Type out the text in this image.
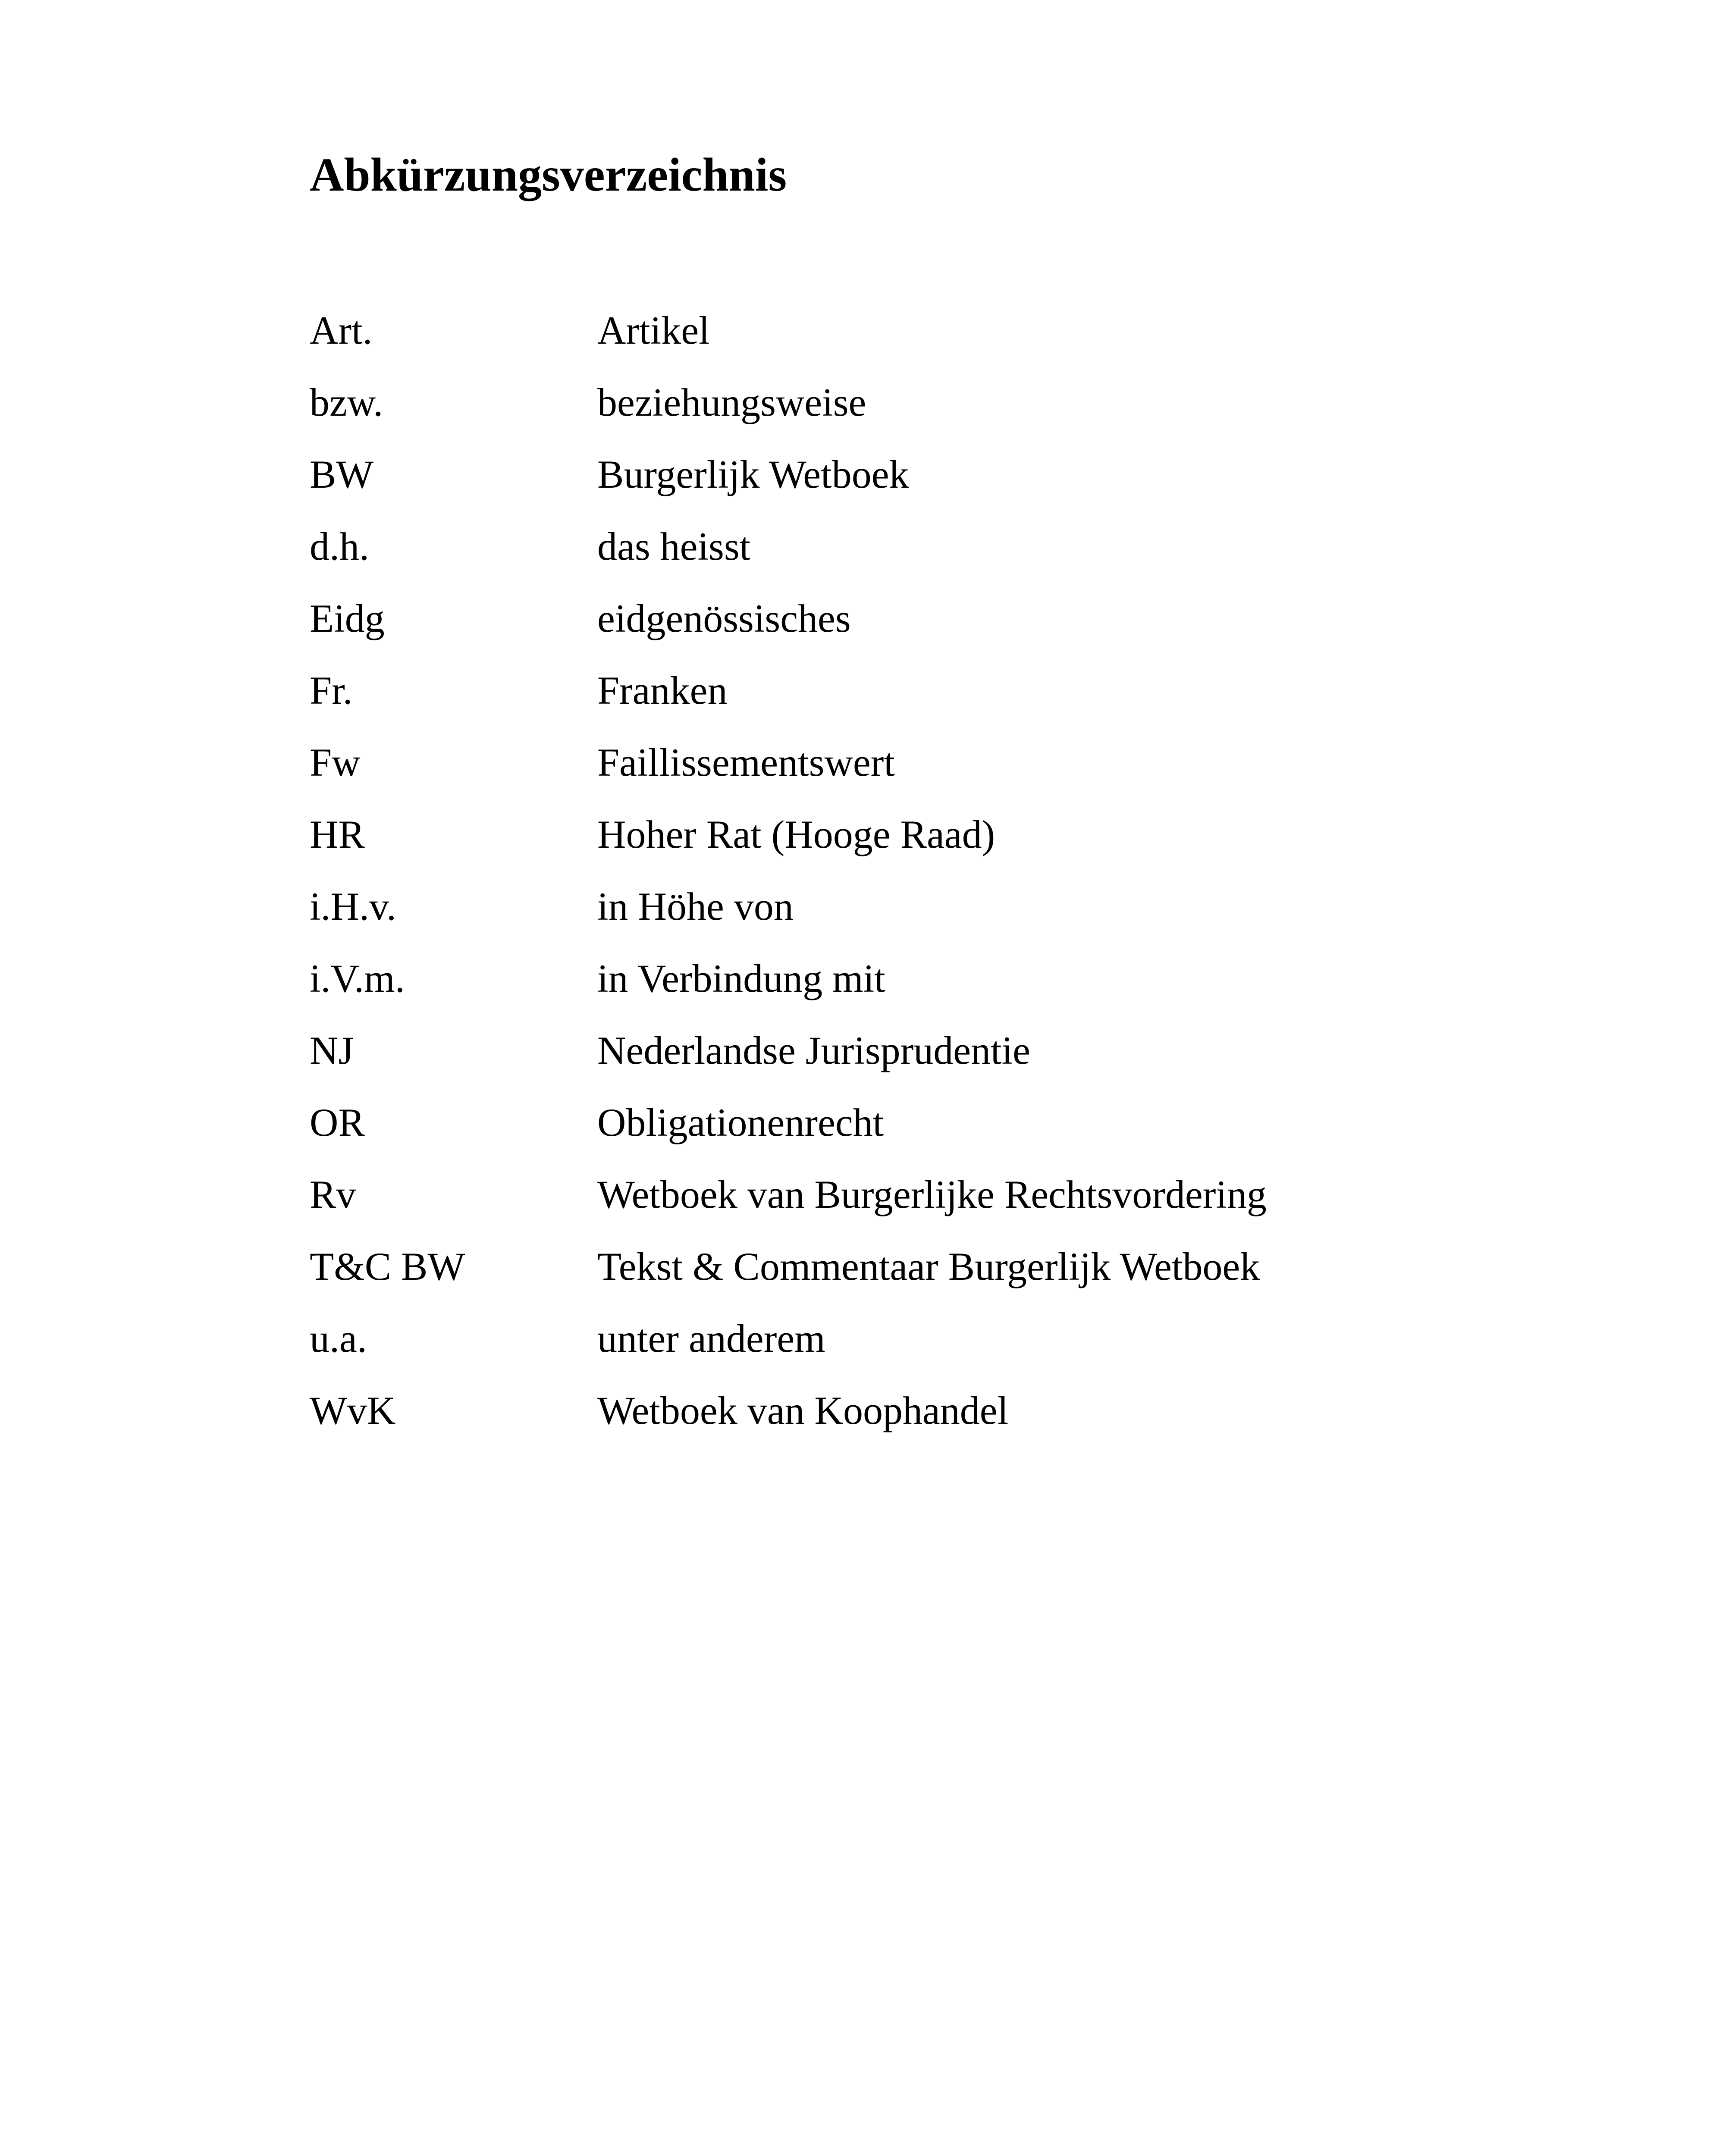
Abkürzungsverzeichnis
Art.	Artikel
bzw.	beziehungsweise
BW	Burgerlijk Wetboek
d.h.	das heisst
Eidg	eidgenössisches
Fr.	Franken
Fw	Faillissementswert
HR	Hoher Rat (Hooge Raad)
i.H.v.	in Höhe von
i.V.m.	in Verbindung mit
NJ	Nederlandse Jurisprudentie
OR	Obligationenrecht
Rv	Wetboek van Burgerlijke Rechtsvordering
T&C BW	Tekst & Commentaar Burgerlijk Wetboek
u.a.	unter anderem
WvK	Wetboek van Koophandel
